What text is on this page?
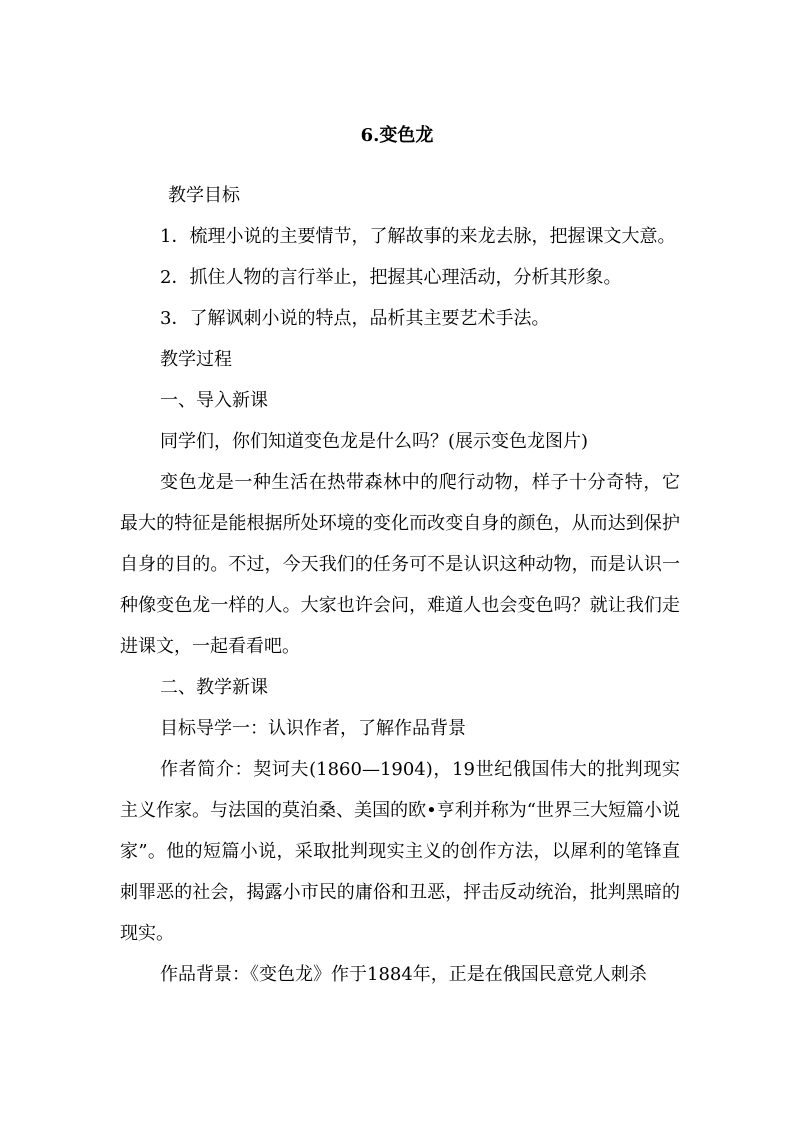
6.变色龙

教学目标

1．梳理小说的主要情节，了解故事的来龙去脉，把握课文大意。

2．抓住人物的言行举止，把握其心理活动，分析其形象。

3．了解讽刺小说的特点，品析其主要艺术手法。

教学过程

一、导入新课

同学们，你们知道变色龙是什么吗？(展示变色龙图片)

变色龙是一种生活在热带森林中的爬行动物，样子十分奇特，它最大的特征是能根据所处环境的变化而改变自身的颜色，从而达到保护自身的目的。不过，今天我们的任务可不是认识这种动物，而是认识一种像变色龙一样的人。大家也许会问，难道人也会变色吗？就让我们走进课文，一起看看吧。

二、教学新课

目标导学一：认识作者，了解作品背景

作者简介：契诃夫(1860—1904)，19世纪俄国伟大的批判现实主义作家。与法国的莫泊桑、美国的欧•亨利并称为“世界三大短篇小说家”。他的短篇小说，采取批判现实主义的创作方法，以犀利的笔锋直刺罪恶的社会，揭露小市民的庸俗和丑恶，抨击反动统治，批判黑暗的现实。

作品背景：《变色龙》作于1884年，正是在俄国民意党人刺杀
